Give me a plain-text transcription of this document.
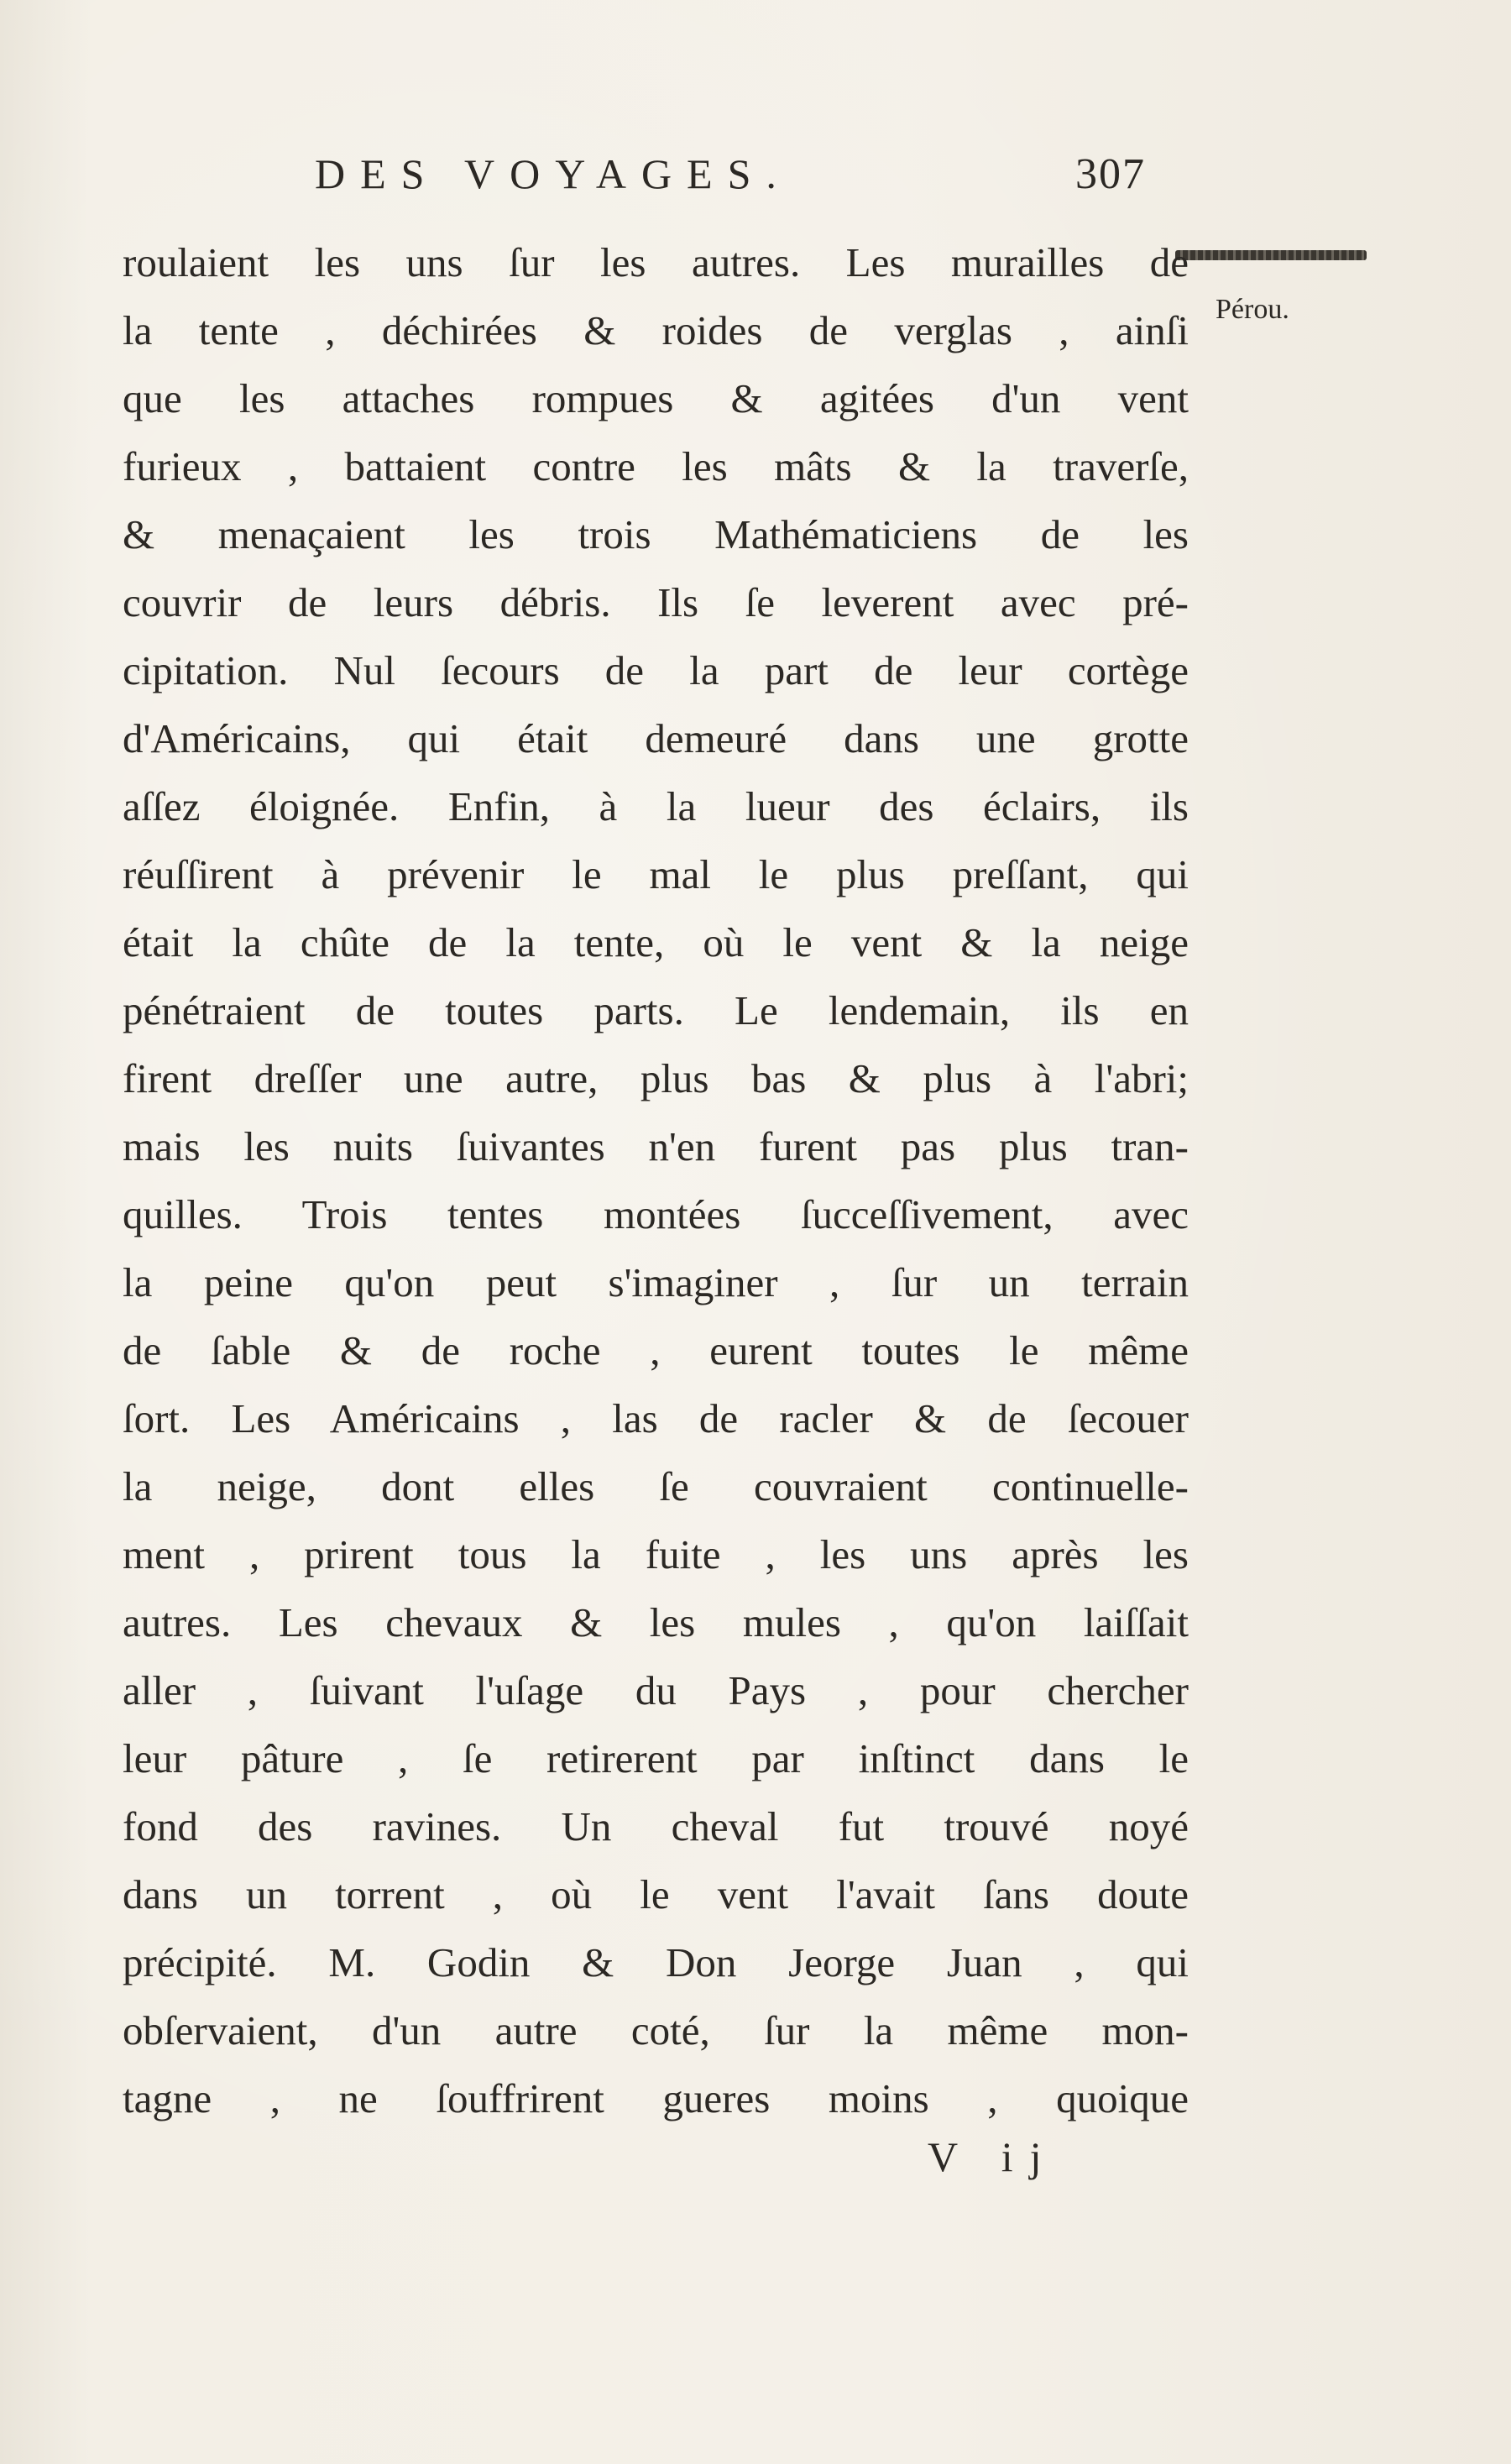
DES VOYAGES.	307
Pérou.
roulaient les uns ſur les autres. Les murailles de
la tente , déchirées & roides de verglas , ainſi
que les attaches rompues & agitées d'un vent
furieux , battaient contre les mâts & la traverſe,
& menaçaient les trois Mathématiciens de les
couvrir de leurs débris. Ils ſe leverent avec pré-
cipitation. Nul ſecours de la part de leur cortège
d'Américains, qui était demeuré dans une grotte
aſſez éloignée. Enfin, à la lueur des éclairs, ils
réuſſirent à prévenir le mal le plus preſſant, qui
était la chûte de la tente, où le vent & la neige
pénétraient de toutes parts. Le lendemain, ils en
firent dreſſer une autre, plus bas & plus à l'abri;
mais les nuits ſuivantes n'en furent pas plus tran-
quilles. Trois tentes montées ſucceſſivement, avec
la peine qu'on peut s'imaginer , ſur un terrain
de ſable & de roche , eurent toutes le même
ſort. Les Américains , las de racler & de ſecouer
la neige, dont elles ſe couvraient continuelle-
ment , prirent tous la fuite , les uns après les
autres. Les chevaux & les mules , qu'on laiſſait
aller , ſuivant l'uſage du Pays , pour chercher
leur pâture , ſe retirerent par inſtinct dans le
fond des ravines. Un cheval fut trouvé noyé
dans un torrent , où le vent l'avait ſans doute
précipité. M. Godin & Don Jeorge Juan , qui
obſervaient, d'un autre coté, ſur la même mon-
tagne , ne ſouffrirent gueres moins , quoique
V ij
